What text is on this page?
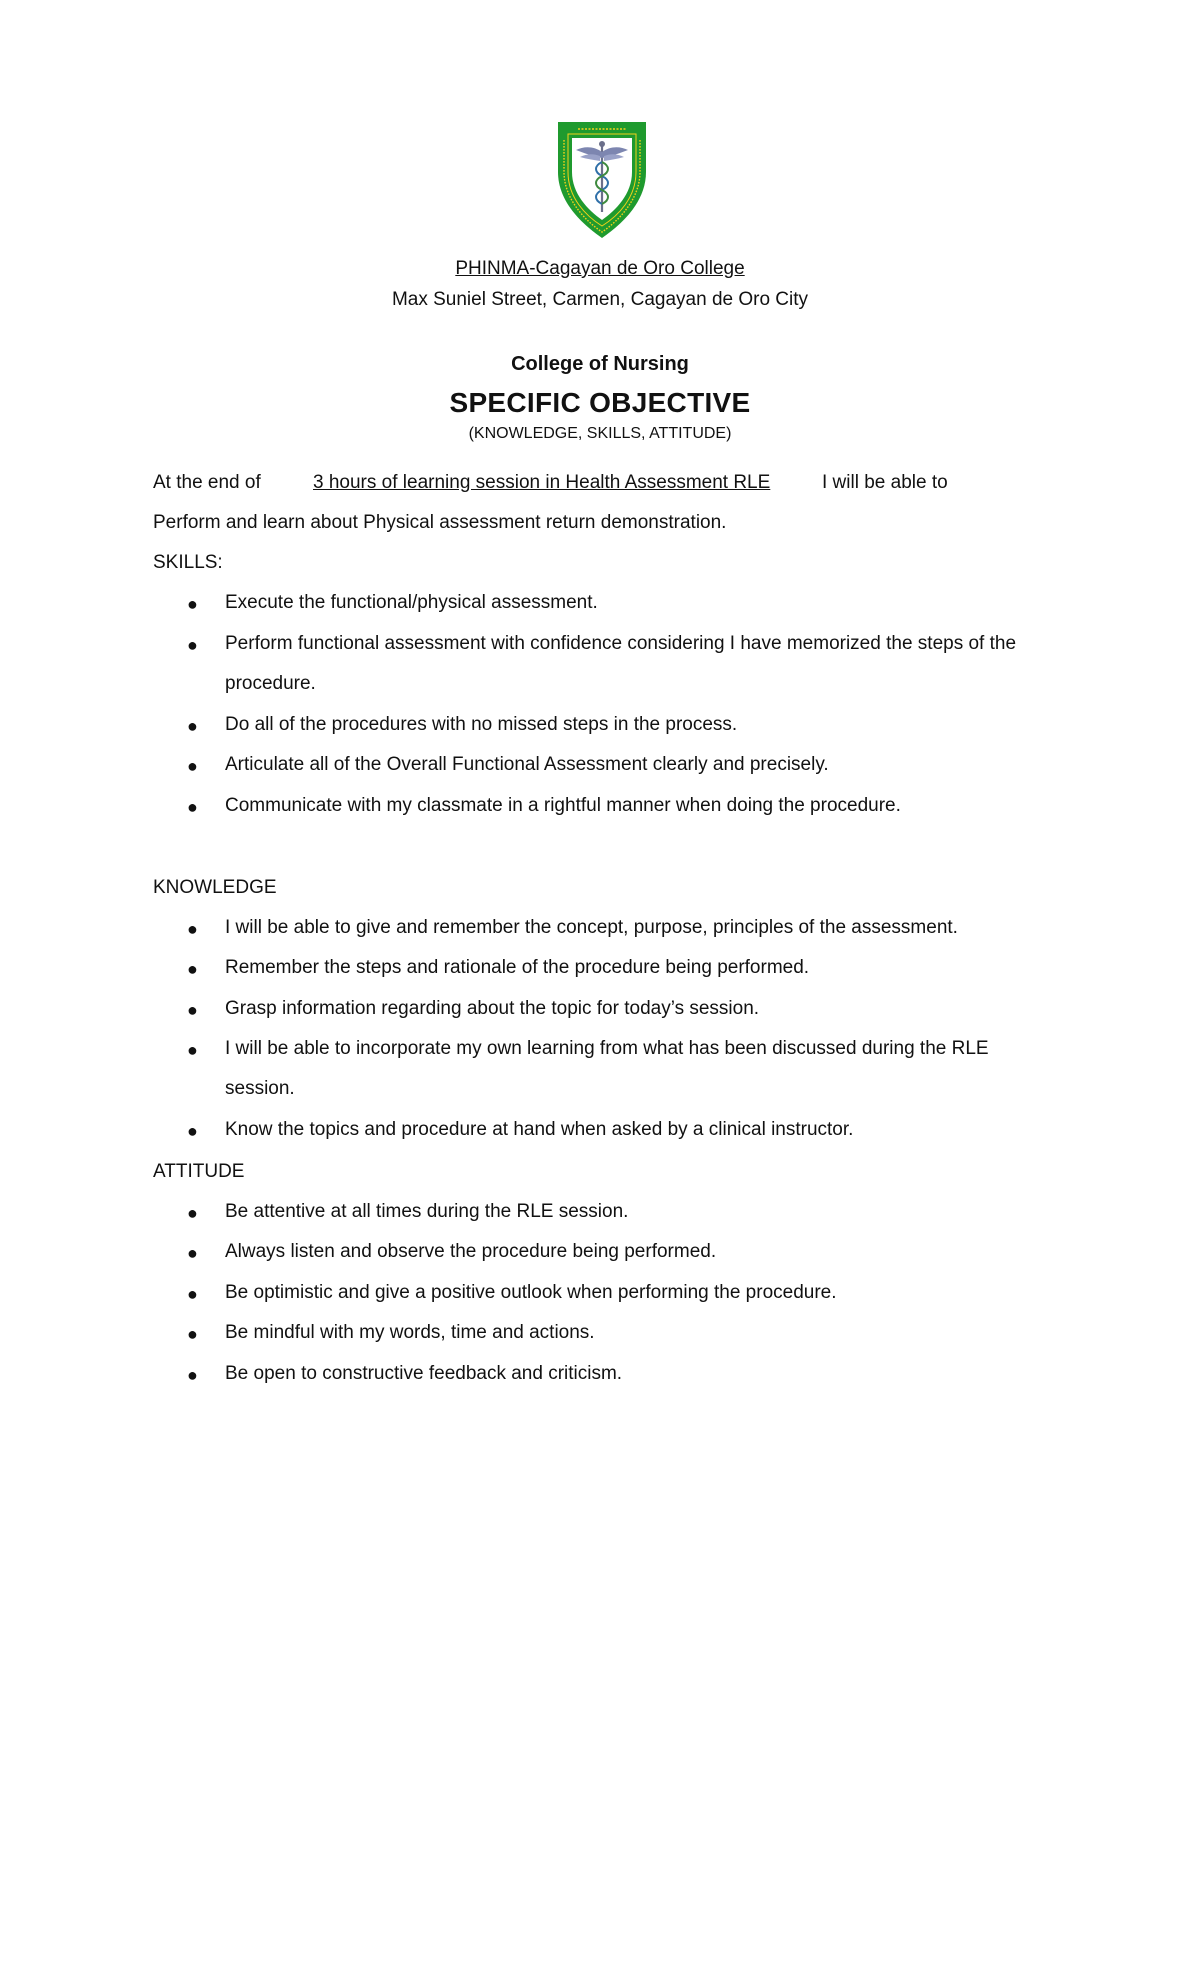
PHINMA-Cagayan de Oro College
Max Suniel Street, Carmen, Cagayan de Oro City
College of Nursing
SPECIFIC OBJECTIVE
(KNOWLEDGE, SKILLS, ATTITUDE)
At the end of	3 hours of learning session in Health Assessment RLE	I will be able to
Perform and learn about Physical assessment return demonstration.
SKILLS:
● Execute the functional/physical assessment.
● Perform functional assessment with confidence considering I have memorized the steps of the procedure.
● Do all of the procedures with no missed steps in the process.
● Articulate all of the Overall Functional Assessment clearly and precisely.
● Communicate with my classmate in a rightful manner when doing the procedure.
KNOWLEDGE
● I will be able to give and remember the concept, purpose, principles of the assessment.
● Remember the steps and rationale of the procedure being performed.
● Grasp information regarding about the topic for today’s session.
● I will be able to incorporate my own learning from what has been discussed during the RLE session.
● Know the topics and procedure at hand when asked by a clinical instructor.
ATTITUDE
● Be attentive at all times during the RLE session.
● Always listen and observe the procedure being performed.
● Be optimistic and give a positive outlook when performing the procedure.
● Be mindful with my words, time and actions.
● Be open to constructive feedback and criticism.
